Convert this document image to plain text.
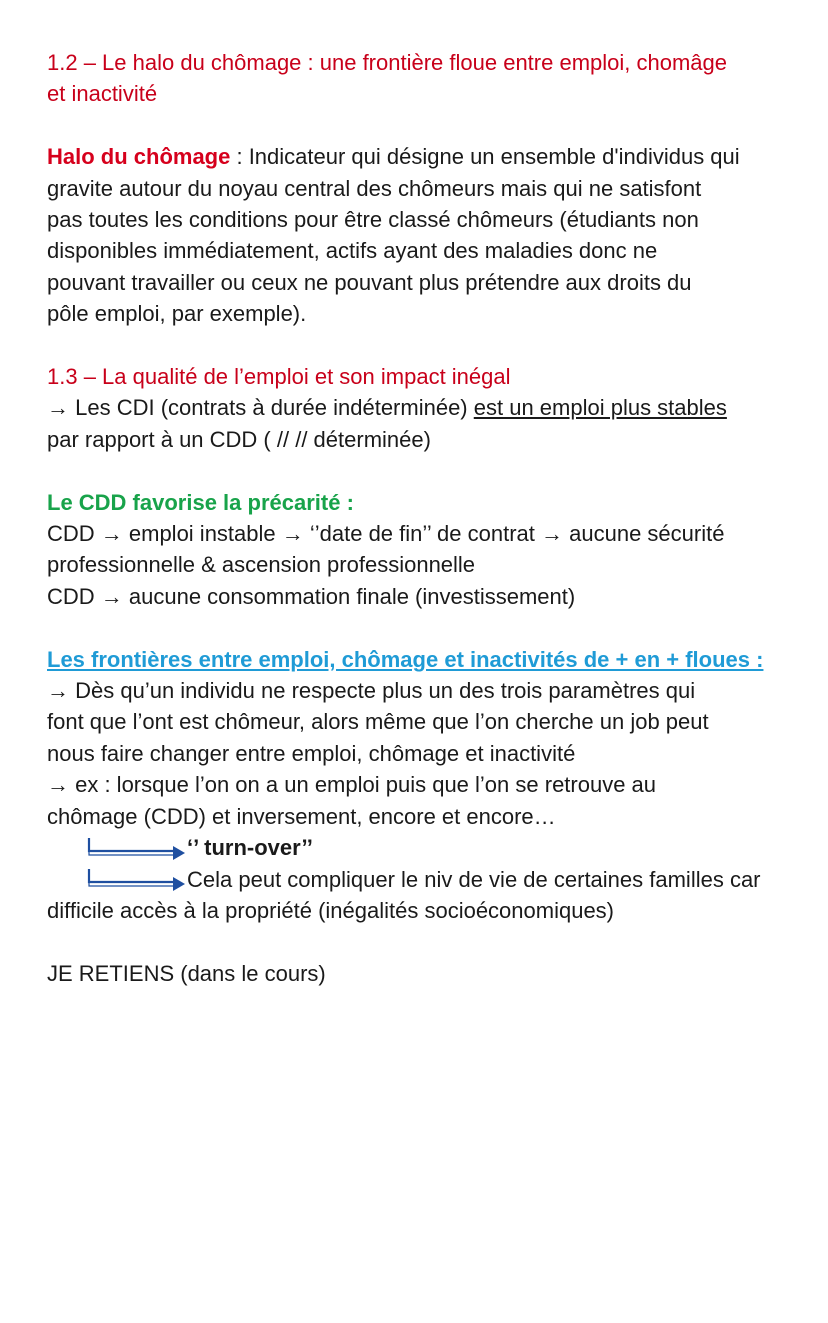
1.2 – Le halo du chômage : une frontière floue entre emploi, chomâge
et inactivité
Halo du chômage : Indicateur qui désigne un ensemble d'individus qui
gravite autour du noyau central des chômeurs mais qui ne satisfont
pas toutes les conditions pour être classé chômeurs (étudiants non
disponibles immédiatement, actifs ayant des maladies donc ne
pouvant travailler ou ceux ne pouvant plus prétendre aux droits du
pôle emploi, par exemple).
1.3 – La qualité de l’emploi et son impact inégal
→ Les CDI (contrats à durée indéterminée) est un emploi plus stables
par rapport à un CDD ( // // déterminée)
Le CDD favorise la précarité :
CDD → emploi instable → ‘’date de fin’’ de contrat → aucune sécurité
professionnelle & ascension professionnelle
CDD → aucune consommation finale (investissement)
Les frontières entre emploi, chômage et inactivités de + en + floues :
→ Dès qu’un individu ne respecte plus un des trois paramètres qui
font que l’ont est chômeur, alors même que l’on cherche un job peut
nous faire changer entre emploi, chômage et inactivité
→ ex : lorsque l’on on a un emploi puis que l’on se retrouve au
chômage (CDD) et inversement, encore et encore…
‘’ turn-over’’
Cela peut compliquer le niv de vie de certaines familles car
difficile accès à la propriété (inégalités socioéconomiques)
JE RETIENS (dans le cours)
